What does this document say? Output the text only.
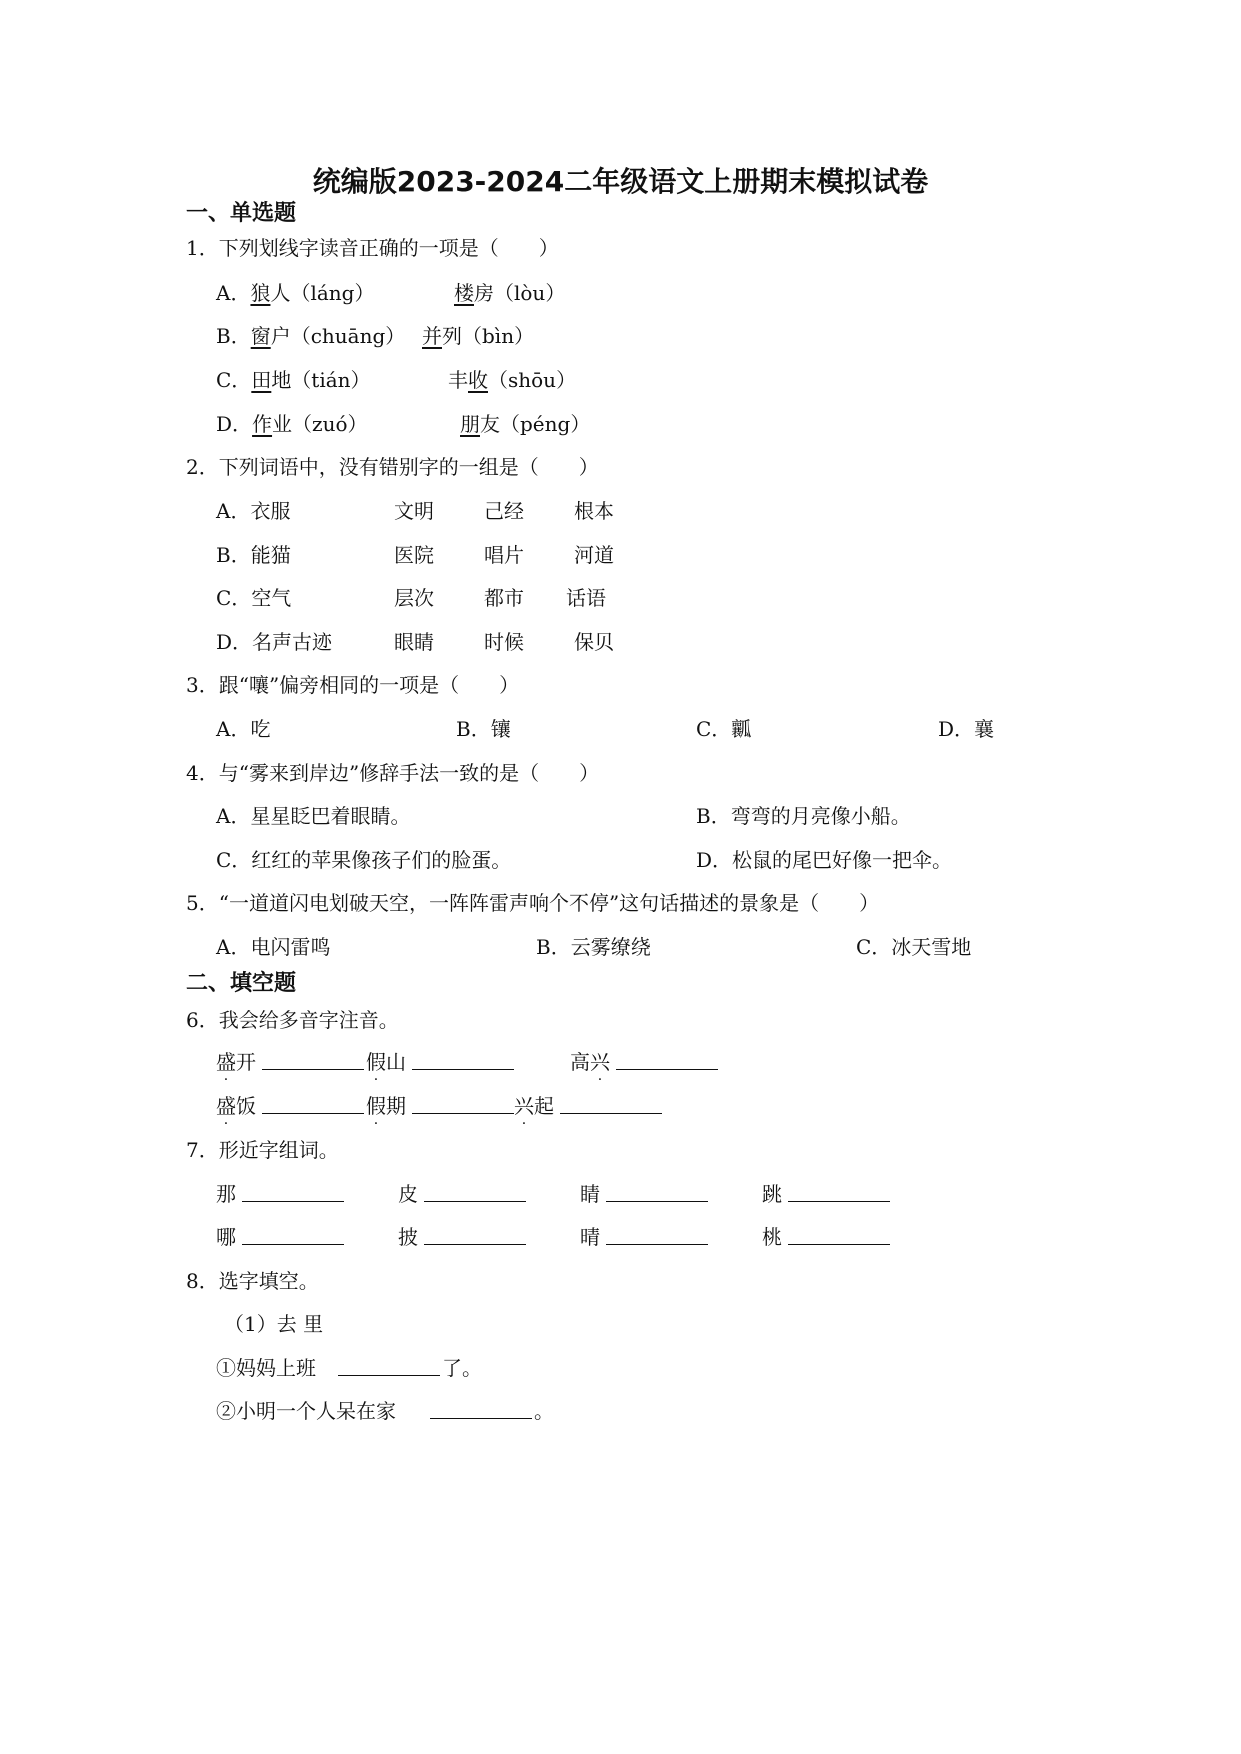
统编版2023-2024二年级语文上册期末模拟试卷
一、单选题
1．下列划线字读音正确的一项是（　　）
A．狼人（láng）	楼房（lòu）
B．窗户（chuāng） 并列（bìn）
C．田地（tián）	丰收（shōu）
D．作业（zuó）	朋友（péng）
2．下列词语中，没有错别字的一组是（　　）
A．衣服	文明	己经	根本
B．能猫	医院	唱片	河道
C．空气	层次	都市 话语
D．名声古迹	眼睛	时候	保贝
3．跟“嚷”偏旁相同的一项是（　　）
A．吃	B．镶	C．瓤	D．襄
4．与“雾来到岸边”修辞手法一致的是（　　）
A．星星眨巴着眼睛。	B．弯弯的月亮像小船。
C．红红的苹果像孩子们的脸蛋。	D．松鼠的尾巴好像一把伞。
5．“一道道闪电划破天空，一阵阵雷声响个不停”这句话描述的景象是（　　）
A．电闪雷鸣	B．云雾缭绕	C．冰天雪地
二、填空题
6．我会给多音字注音。
盛开	假山	高兴
盛饭	假期	兴起
7．形近字组词。
那	皮	睛	跳
哪	披	晴	桃
8．选字填空。
（1）去 里
①妈妈上班	了。
②小明一个人呆在家	。
